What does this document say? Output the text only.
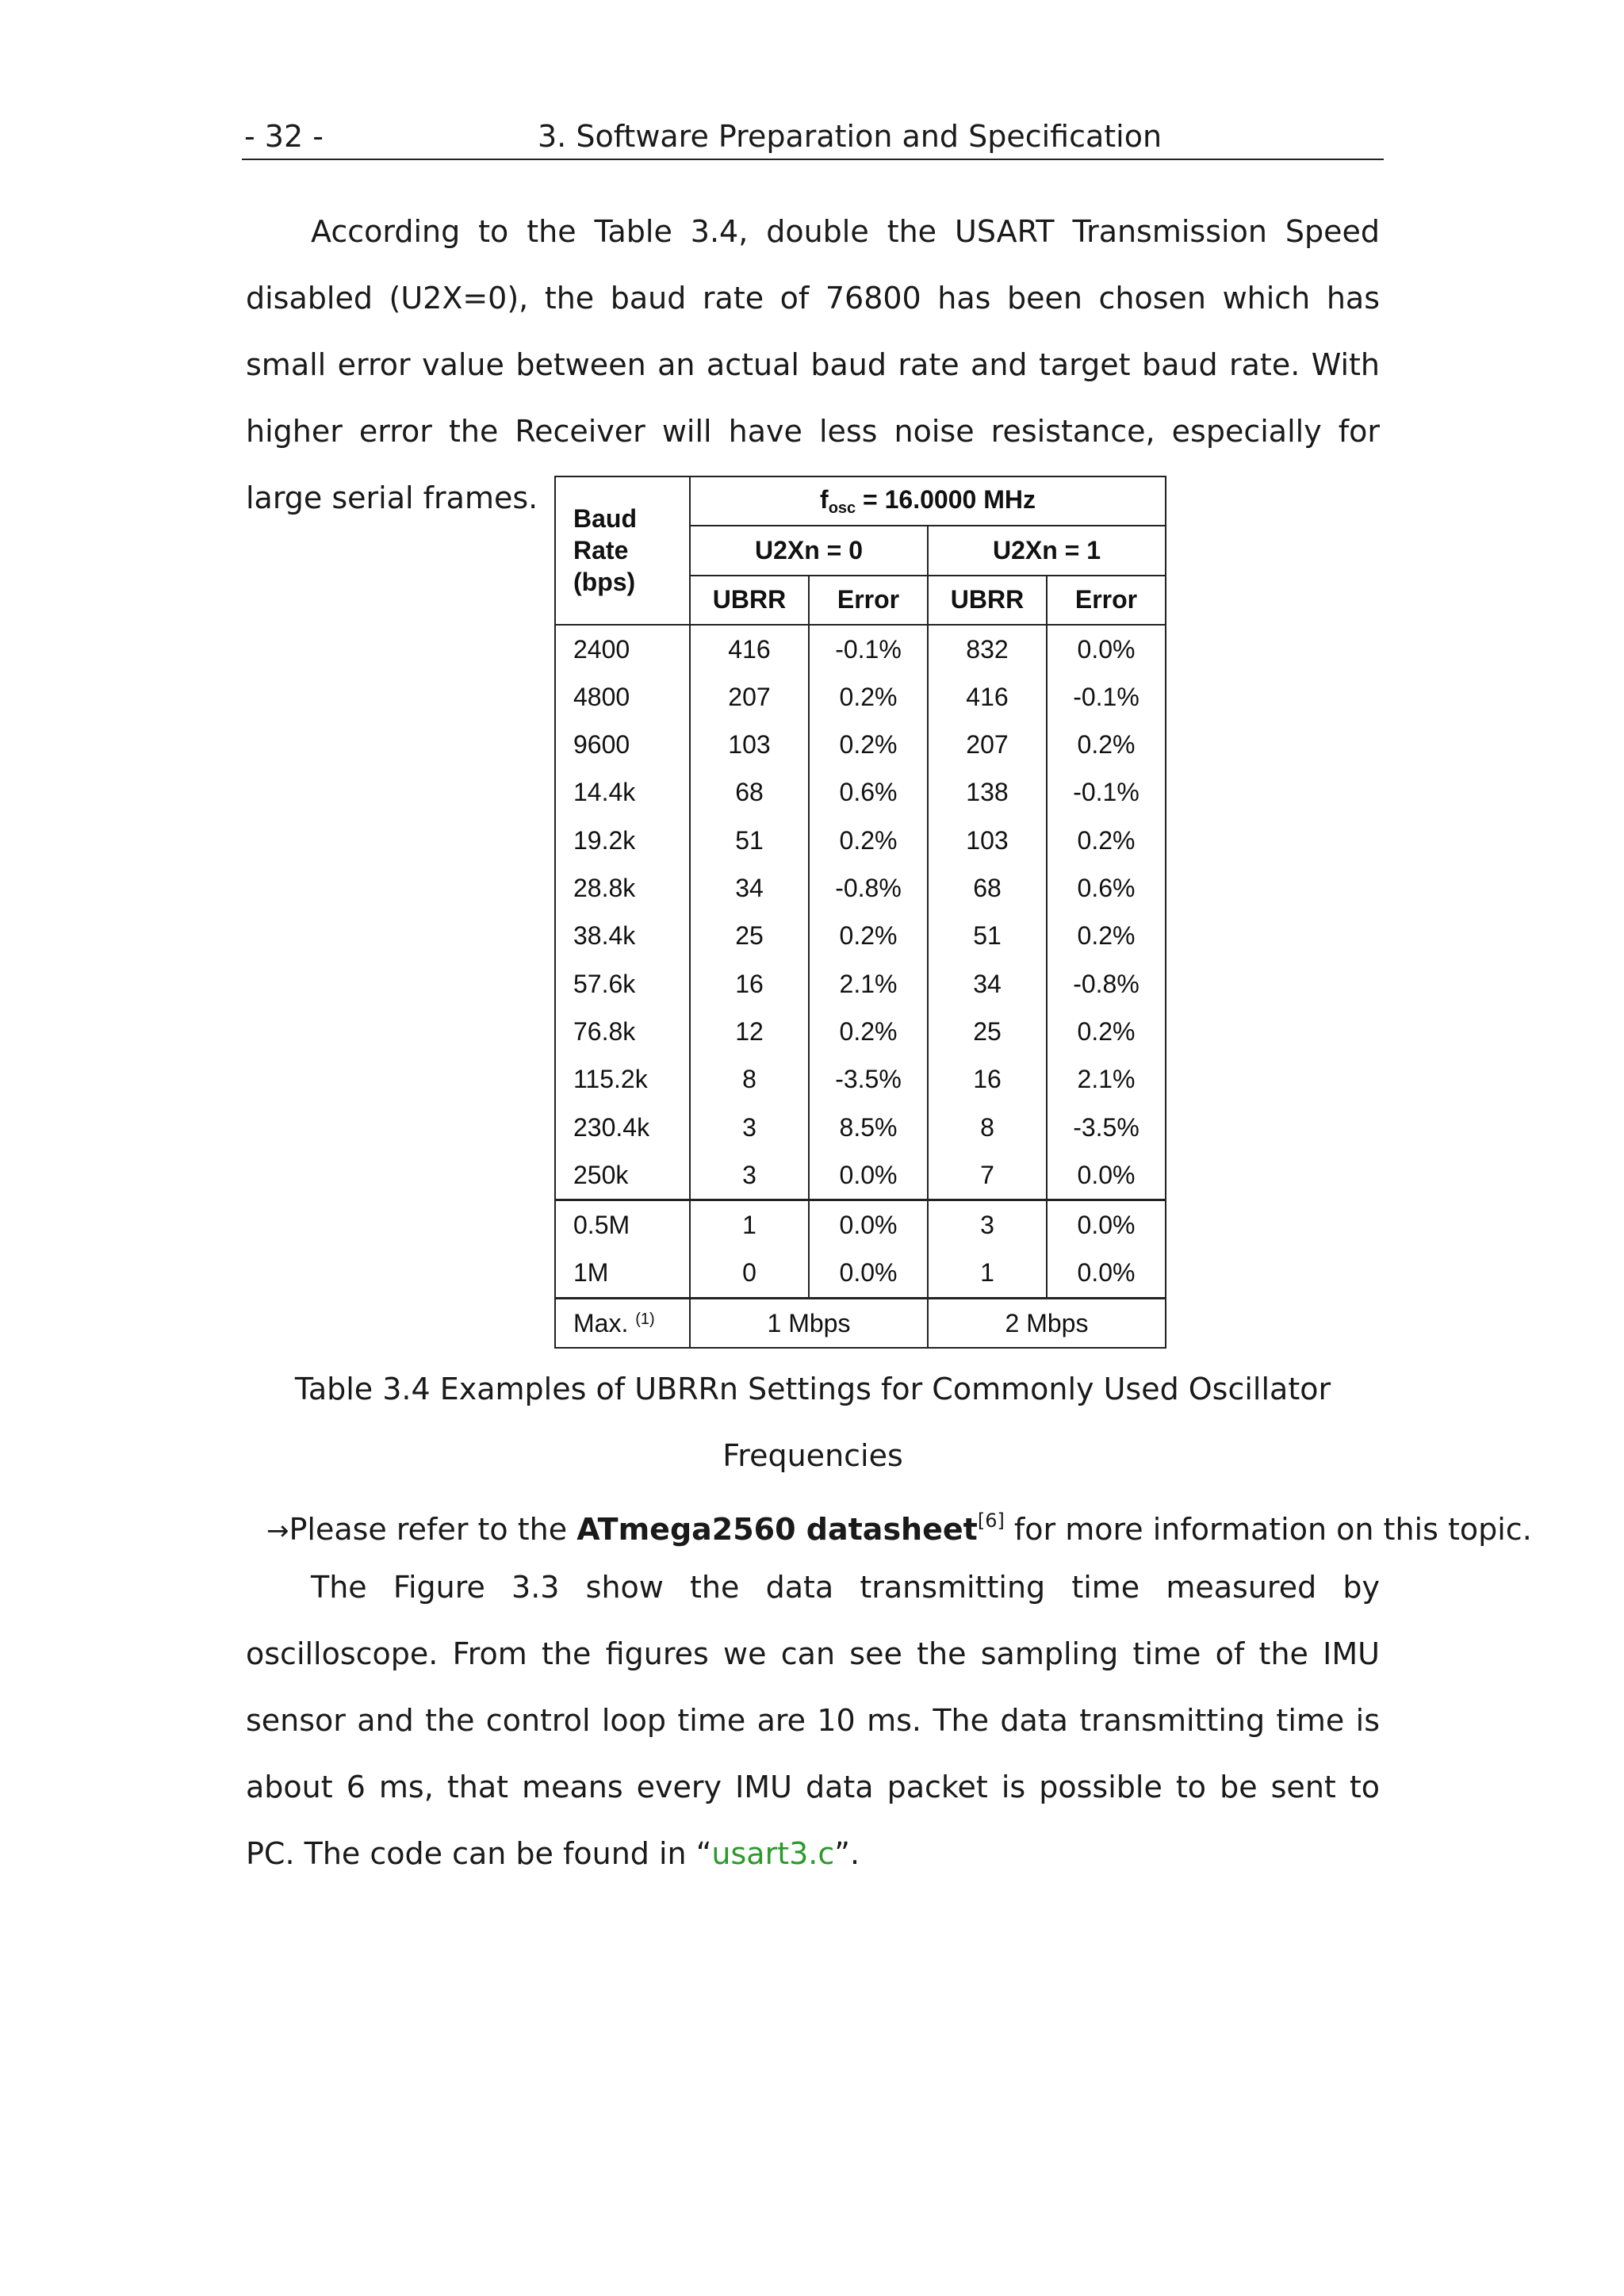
- 32 -	3. Software Preparation and Specification

According to the Table 3.4, double the USART Transmission Speed disabled (U2X=0), the baud rate of 76800 has been chosen which has small error value between an actual baud rate and target baud rate. With higher error the Receiver will have less noise resistance, especially for large serial frames.

Baud
Rate
(bps)	$f_{osc} = 16.0000$ MHz			
	U2Xn = 0		U2Xn = 1	
	UBRR	Error	UBRR	Error
2400	416	-0.1%	832	0.0%
4800	207	0.2%	416	-0.1%
9600	103	0.2%	207	0.2%
14.4k	68	0.6%	138	-0.1%
19.2k	51	0.2%	103	0.2%
28.8k	34	-0.8%	68	0.6%
38.4k	25	0.2%	51	0.2%
57.6k	16	2.1%	34	-0.8%
76.8k	12	0.2%	25	0.2%
115.2k	8	-3.5%	16	2.1%
230.4k	3	8.5%	8	-3.5%
250k	3	0.0%	7	0.0%
0.5M	1	0.0%	3	0.0%
1M	0	0.0%	1	0.0%
Max. $^{(1)}$	1 Mbps		2 Mbps	
Table 3.4 Examples of UBRRn Settings for Commonly Used Oscillator
Frequencies
→Please refer to the ATmega2560 datasheet[6] for more information on this topic.

The Figure 3.3 show the data transmitting time measured by oscilloscope. From the figures we can see the sampling time of the IMU sensor and the control loop time are 10 ms. The data transmitting time is about 6 ms, that means every IMU data packet is possible to be sent to PC. The code can be found in “usart3.c”.
